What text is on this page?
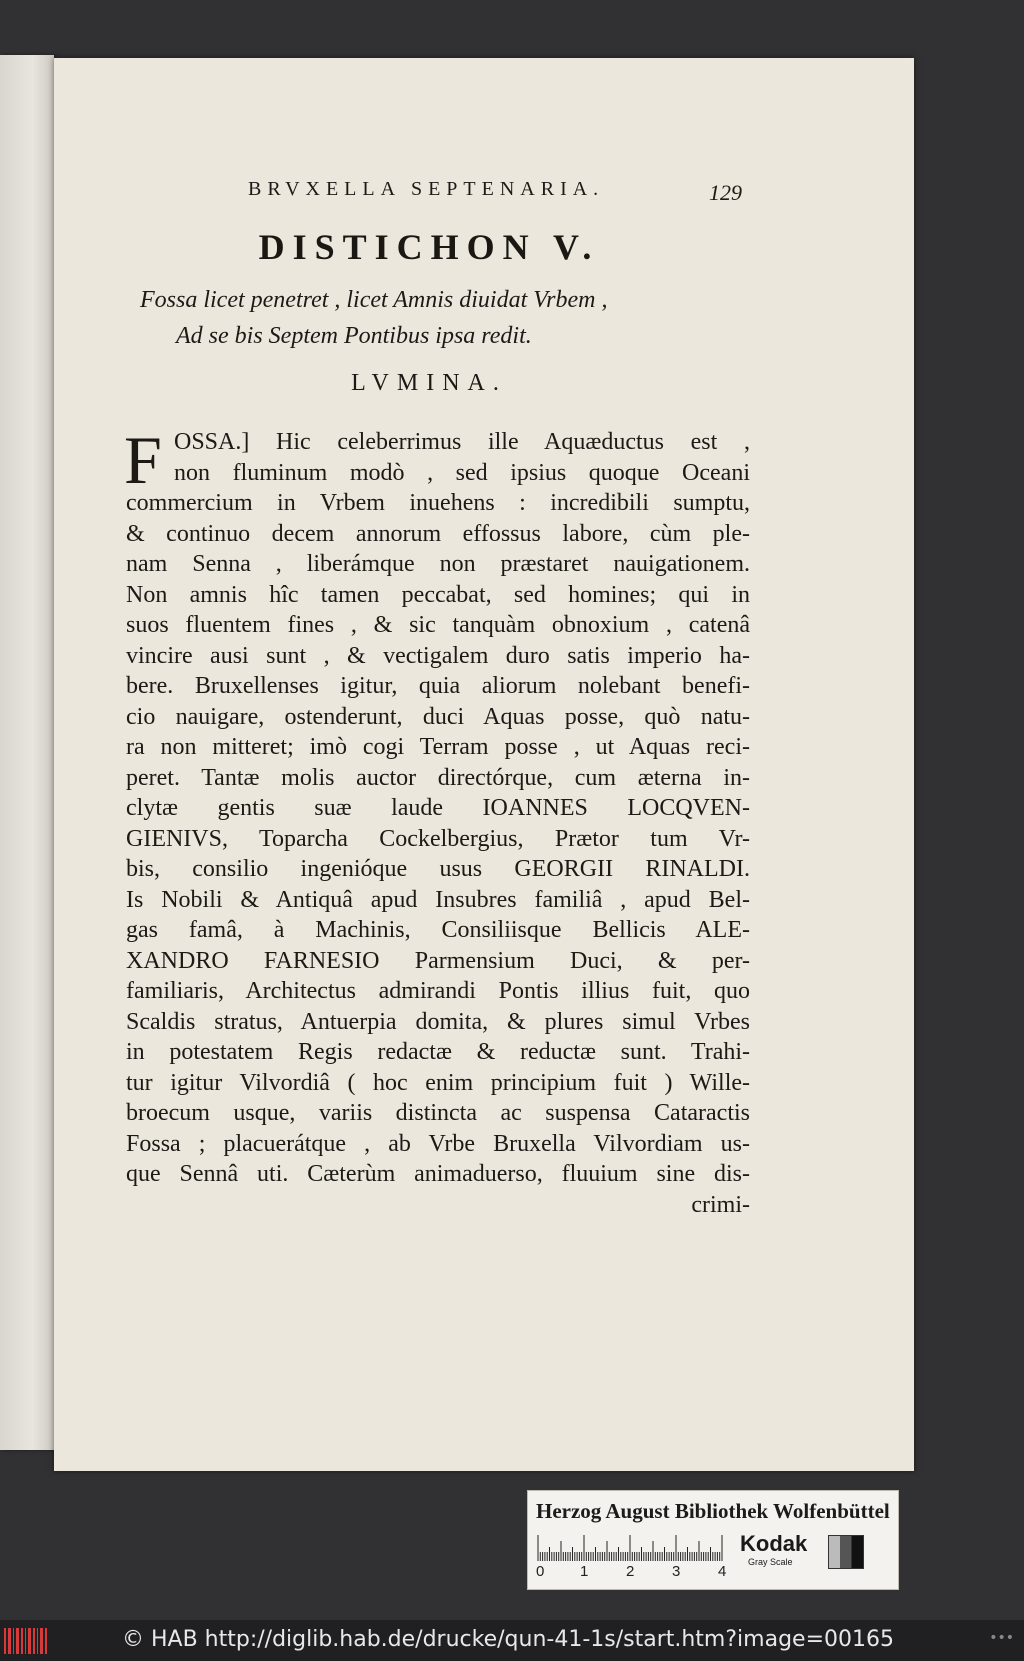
BRVXELLA SEPTENARIA.	129
DISTICHON V.
Fossa licet penetret , licet Amnis diuidat Vrbem ,
Ad se bis Septem Pontibus ipsa redit.
LVMINA.
F OSSA.] Hic celeberrimus ille Aquæductus est ,
non fluminum modò , sed ipsius quoque Oceani
commercium in Vrbem inuehens : incredibili sumptu,
& continuo decem annorum effossus labore, cùm ple-
nam Senna , liberámque non præstaret nauigationem.
Non amnis hîc tamen peccabat, sed homines; qui in
suos fluentem fines , & sic tanquàm obnoxium , catenâ
vincire ausi sunt , & vectigalem duro satis imperio ha-
bere. Bruxellenses igitur, quia aliorum nolebant benefi-
cio nauigare, ostenderunt, duci Aquas posse, quò natu-
ra non mitteret; imò cogi Terram posse , ut Aquas reci-
peret. Tantæ molis auctor directórque, cum æterna in-
clytæ gentis suæ laude IOANNES LOCQVEN-
GIENIVS, Toparcha Cockelbergius, Prætor tum Vr-
bis, consilio ingenióque usus GEORGII RINALDI.
Is Nobili & Antiquâ apud Insubres familiâ , apud Bel-
gas famâ, à Machinis, Consiliisque Bellicis ALE-
XANDRO FARNESIO Parmensium Duci, & per-
familiaris, Architectus admirandi Pontis illius fuit, quo
Scaldis stratus, Antuerpia domita, & plures simul Vrbes
in potestatem Regis redactæ & reductæ sunt. Trahi-
tur igitur Vilvordiâ ( hoc enim principium fuit ) Wille-
broecum usque, variis distincta ac suspensa Cataractis
Fossa ; placuerátque , ab Vrbe Bruxella Vilvordiam us-
que Sennâ uti. Cæterùm animaduerso, fluuium sine dis-
crimi-
Herzog August Bibliothek Wolfenbüttel
0 1	2	3	4
Kodak
Gray Scale
© HAB http://diglib.hab.de/drucke/qun-41-1s/start.htm?image=00165	•••
